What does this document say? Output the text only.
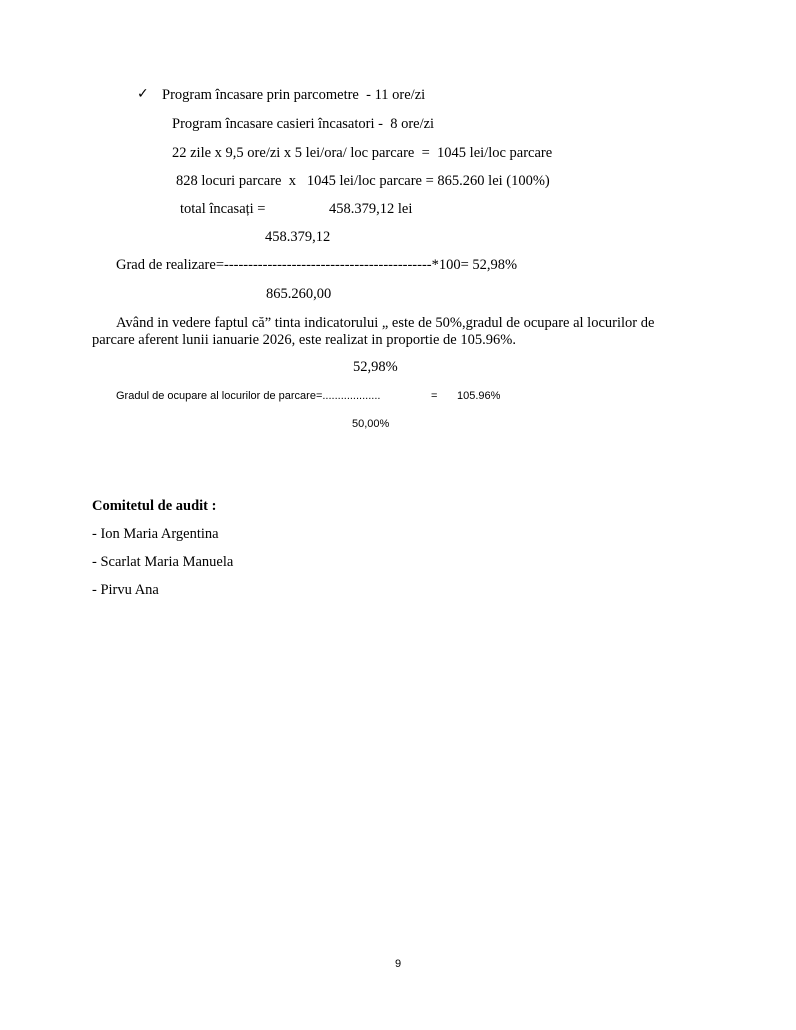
✓ Program încasare prin parcometre  - 11 ore/zi
Program încasare casieri încasatori -  8 ore/zi
22 zile x 9,5 ore/zi x 5 lei/ora/ loc parcare  =  1045 lei/loc parcare
828 locuri parcare  x   1045 lei/loc parcare = 865.260 lei (100%)
total încasați =	458.379,12 lei
458.379,12
Grad de realizare=-------------------------------------------*100= 52,98%
865.260,00
Având in vedere faptul că” tinta indicatorului „ este de 50%,gradul de ocupare al locurilor de
parcare aferent lunii ianuarie 2026, este realizat in proportie de 105.96%.
52,98%
Gradul de ocupare al locurilor de parcare=...................	= 105.96%
50,00%
Comitetul de audit :
- Ion Maria Argentina
- Scarlat Maria Manuela
- Pirvu Ana
9
